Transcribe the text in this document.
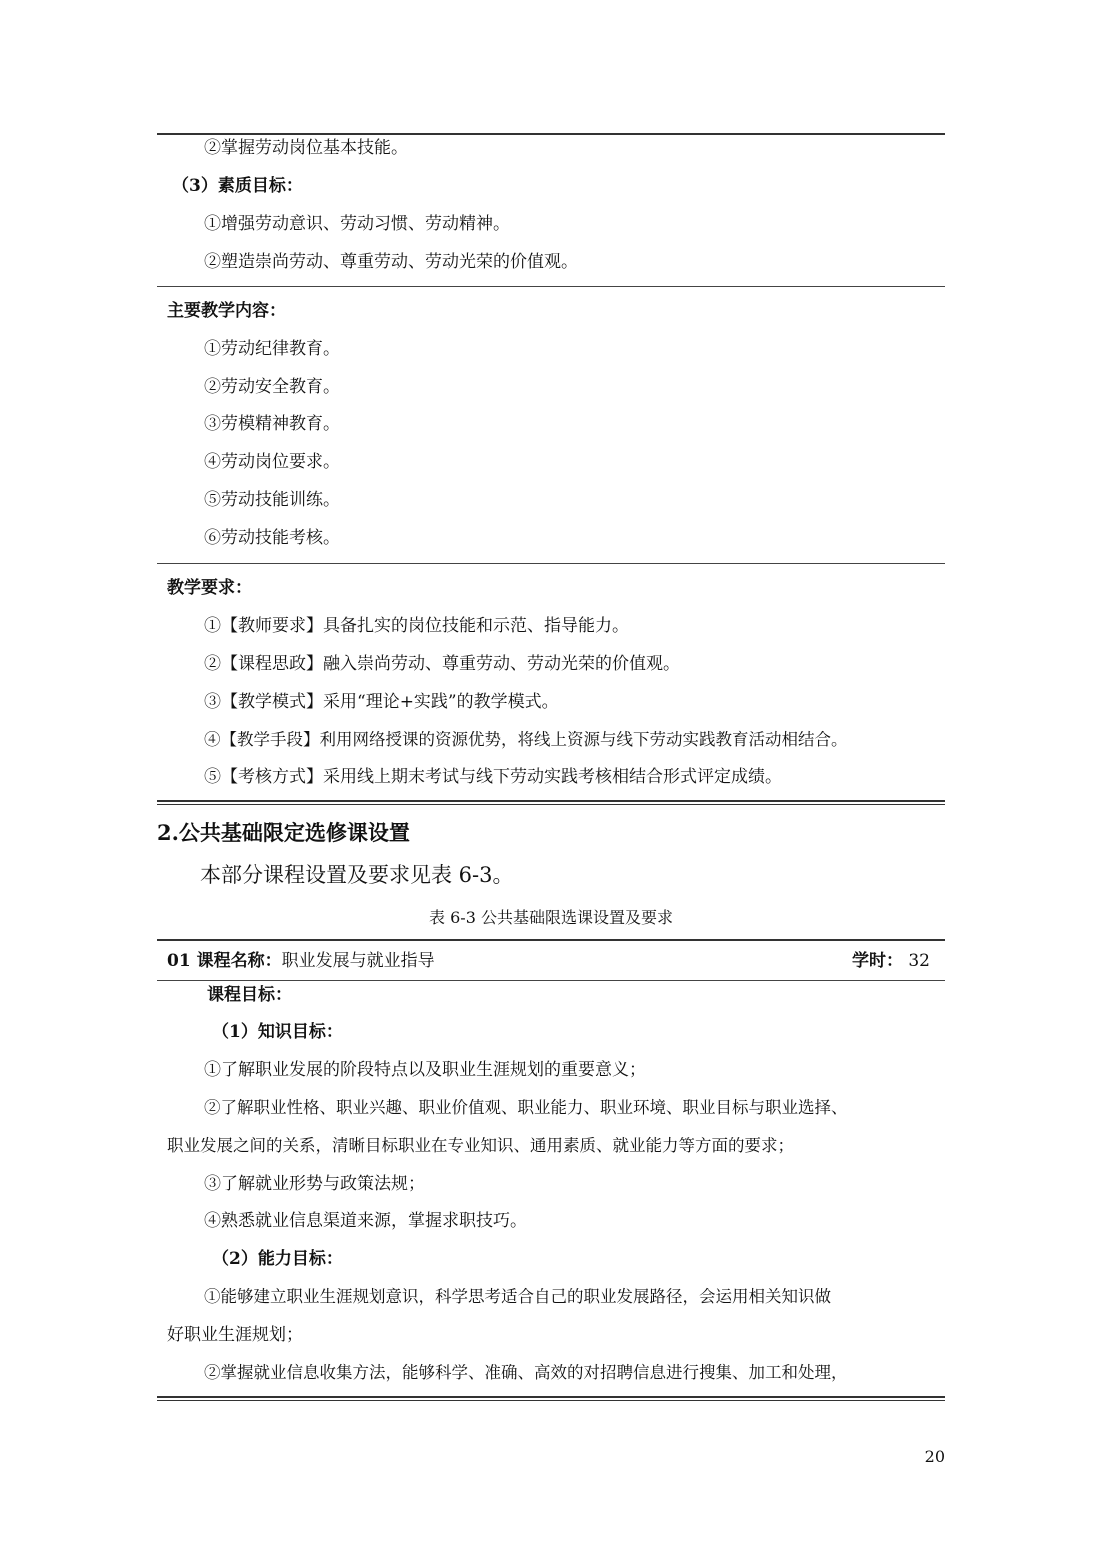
②掌握劳动岗位基本技能。
（3）素质目标：
①增强劳动意识、劳动习惯、劳动精神。
②塑造崇尚劳动、尊重劳动、劳动光荣的价值观。
主要教学内容：
①劳动纪律教育。
②劳动安全教育。
③劳模精神教育。
④劳动岗位要求。
⑤劳动技能训练。
⑥劳动技能考核。
教学要求：
①【教师要求】具备扎实的岗位技能和示范、指导能力。
②【课程思政】融入崇尚劳动、尊重劳动、劳动光荣的价值观。
③【教学模式】采用“理论+实践”的教学模式。
④【教学手段】利用网络授课的资源优势，将线上资源与线下劳动实践教育活动相结合。
⑤【考核方式】采用线上期末考试与线下劳动实践考核相结合形式评定成绩。
2.公共基础限定选修课设置
本部分课程设置及要求见表 6-3。
表 6-3 公共基础限选课设置及要求
01 课程名称：职业发展与就业指导	学时： 32
课程目标：
（1）知识目标：
①了解职业发展的阶段特点以及职业生涯规划的重要意义；
②了解职业性格、职业兴趣、职业价值观、职业能力、职业环境、职业目标与职业选择、
职业发展之间的关系，清晰目标职业在专业知识、通用素质、就业能力等方面的要求；
③了解就业形势与政策法规；
④熟悉就业信息渠道来源，掌握求职技巧。
（2）能力目标：
①能够建立职业生涯规划意识，科学思考适合自己的职业发展路径，会运用相关知识做
好职业生涯规划；
②掌握就业信息收集方法，能够科学、准确、高效的对招聘信息进行搜集、加工和处理，
20
